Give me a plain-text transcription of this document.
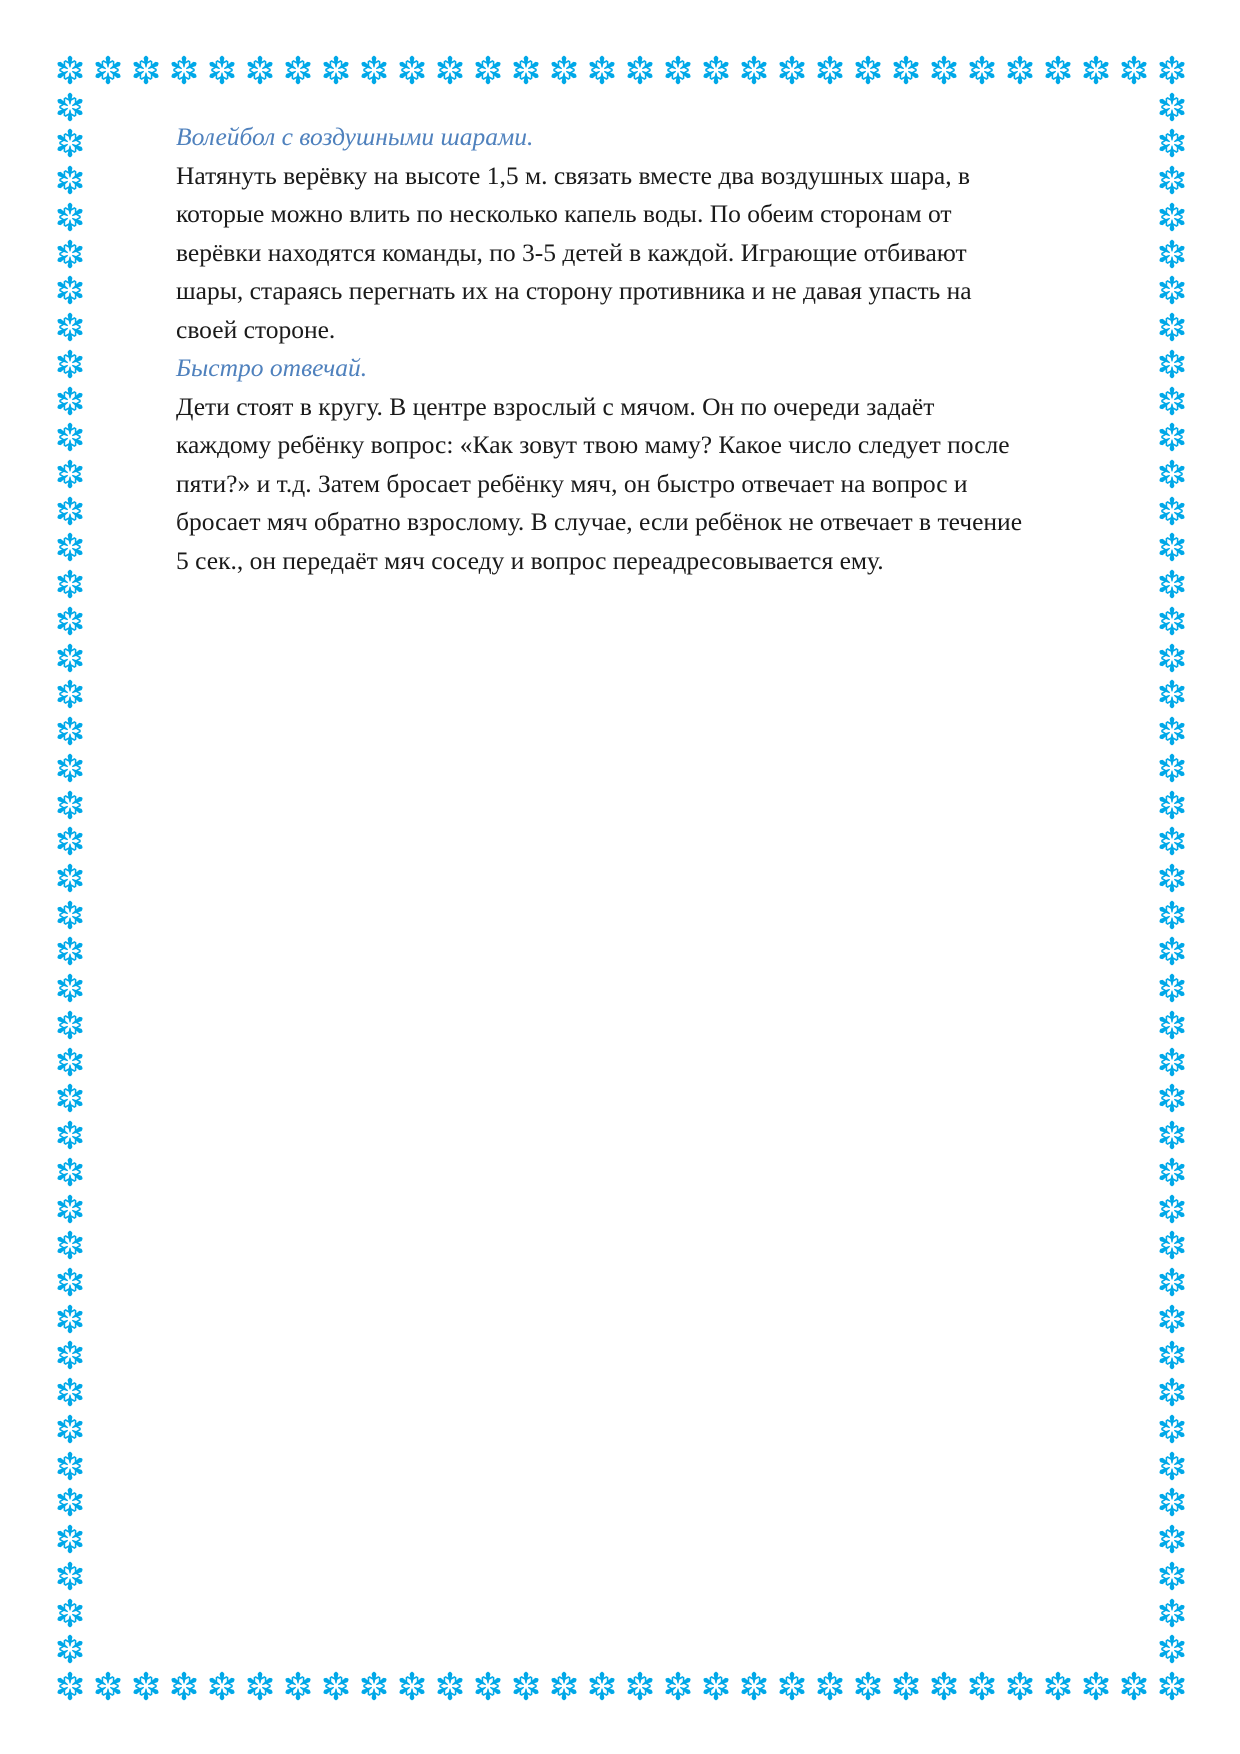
Волейбол с воздушными шарами.

Натянуть верёвку на высоте 1,5 м. связать вместе два воздушных шара, в
которые можно влить по несколько капель воды. По обеим сторонам от
верёвки находятся команды, по 3-5 детей в каждой. Играющие отбивают
шары, стараясь перегнать их на сторону противника и не давая упасть на
своей стороне.

Быстро отвечай.

Дети стоят в кругу. В центре взрослый с мячом. Он по очереди задаёт
каждому ребёнку вопрос: «Как зовут твою маму? Какое число следует после
пяти?» и т.д. Затем бросает ребёнку мяч, он быстро отвечает на вопрос и
бросает мяч обратно взрослому. В случае, если ребёнок не отвечает в течение
5 сек., он передаёт мяч соседу и вопрос переадресовывается ему.
